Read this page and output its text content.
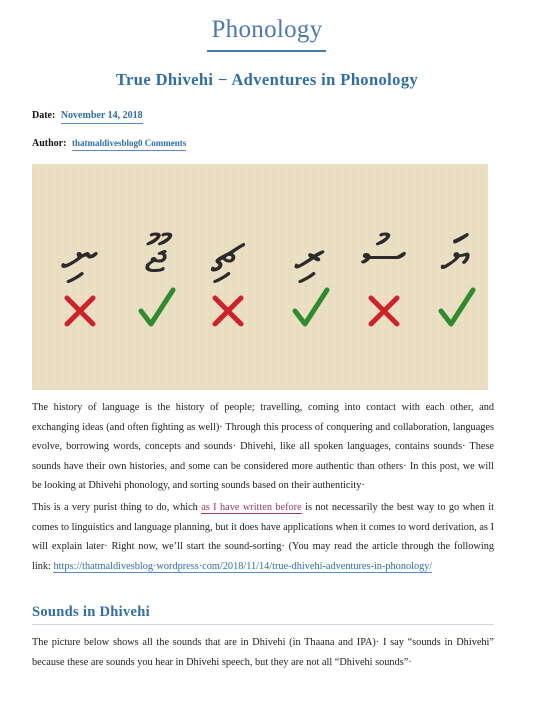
Phonology
True Dhivehi − Adventures in Phonology
Date: November 14, 2018
Author: thatmaldivesblog0 Comments
ނި ޖޫ ޗި ރި ސު ޔަ
The history of language is the history of people; travelling, coming into contact with each other, and exchanging ideas (and often fighting as well)· Through this process of conquering and collaboration, languages evolve, borrowing words, concepts and sounds· Dhivehi, like all spoken languages, contains sounds· These sounds have their own histories, and some can be considered more authentic than others· In this post, we will be looking at Dhivehi phonology, and sorting sounds based on their authenticity·
This is a very purist thing to do, which as I have written before is not necessarily the best way to go when it comes to linguistics and language planning, but it does have applications when it comes to word derivation, as I will explain later· Right now, we’ll start the sound-sorting· (You may read the article through the following link: https://thatmaldivesblog·wordpress·com/2018/11/14/true-dhivehi-adventures-in-phonology/
Sounds in Dhivehi
The picture below shows all the sounds that are in Dhivehi (in Thaana and IPA)· I say “sounds in Dhivehi” because these are sounds you hear in Dhivehi speech, but they are not all “Dhivehi sounds”·
